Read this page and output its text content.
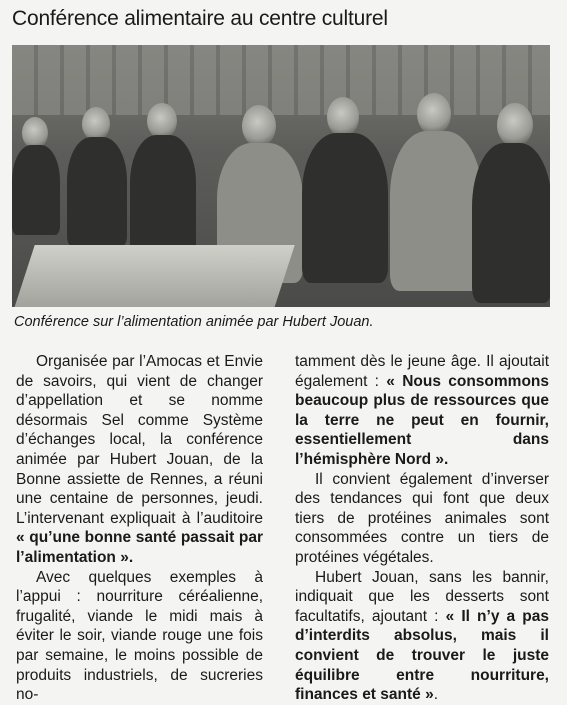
Conférence alimentaire au centre culturel
Conférence sur l’alimentation animée par Hubert Jouan.

Organisée par l’Amocas et Envie de savoirs, qui vient de changer d’appellation et se nomme désormais Sel comme Système d’échanges local, la conférence animée par Hubert Jouan, de la Bonne assiette de Rennes, a réuni une centaine de personnes, jeudi. L’intervenant expliquait à l’auditoire « qu’une bonne santé passait par l’alimentation ».

Avec quelques exemples à l’appui : nourriture céréalienne, frugalité, viande le midi mais à éviter le soir, viande rouge une fois par semaine, le moins possible de produits industriels, de sucreries no-

tamment dès le jeune âge. Il ajoutait également : « Nous consommons beaucoup plus de ressources que la terre ne peut en fournir, essentiellement dans l’hémisphère Nord ».

Il convient également d’inverser des tendances qui font que deux tiers de protéines animales sont consommées contre un tiers de protéines végétales.

Hubert Jouan, sans les bannir, indiquait que les desserts sont facultatifs, ajoutant : « Il n’y a pas d’interdits absolus, mais il convient de trouver le juste équilibre entre nourriture, finances et santé ».
